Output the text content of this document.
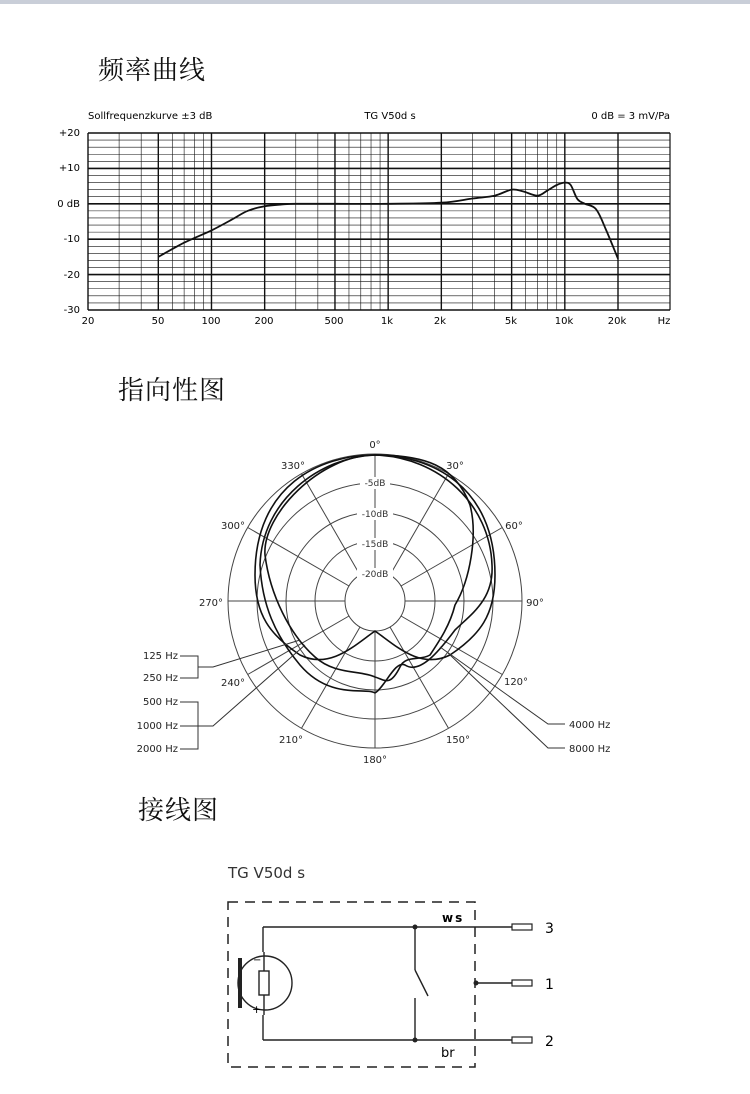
频率曲线
Sollfrequenzkurve ±3 dB	TG V50d s	0 dB = 3 mV/Pa
+20
+10
0 dB
-10
-20
-30
20	50	100	200	500	1k	2k	5k	10k	20k	Hz
指向性图
-5dB
-10dB
-15dB
-20dB
0°
30°
60°
90°
120°
150°
180°
210°
240°
270°
300°
330°
125 Hz
250 Hz
500 Hz
1000 Hz
2000 Hz
4000 Hz
8000 Hz
接线图
TG V50d s
−
+
3
1
2
ws
br
